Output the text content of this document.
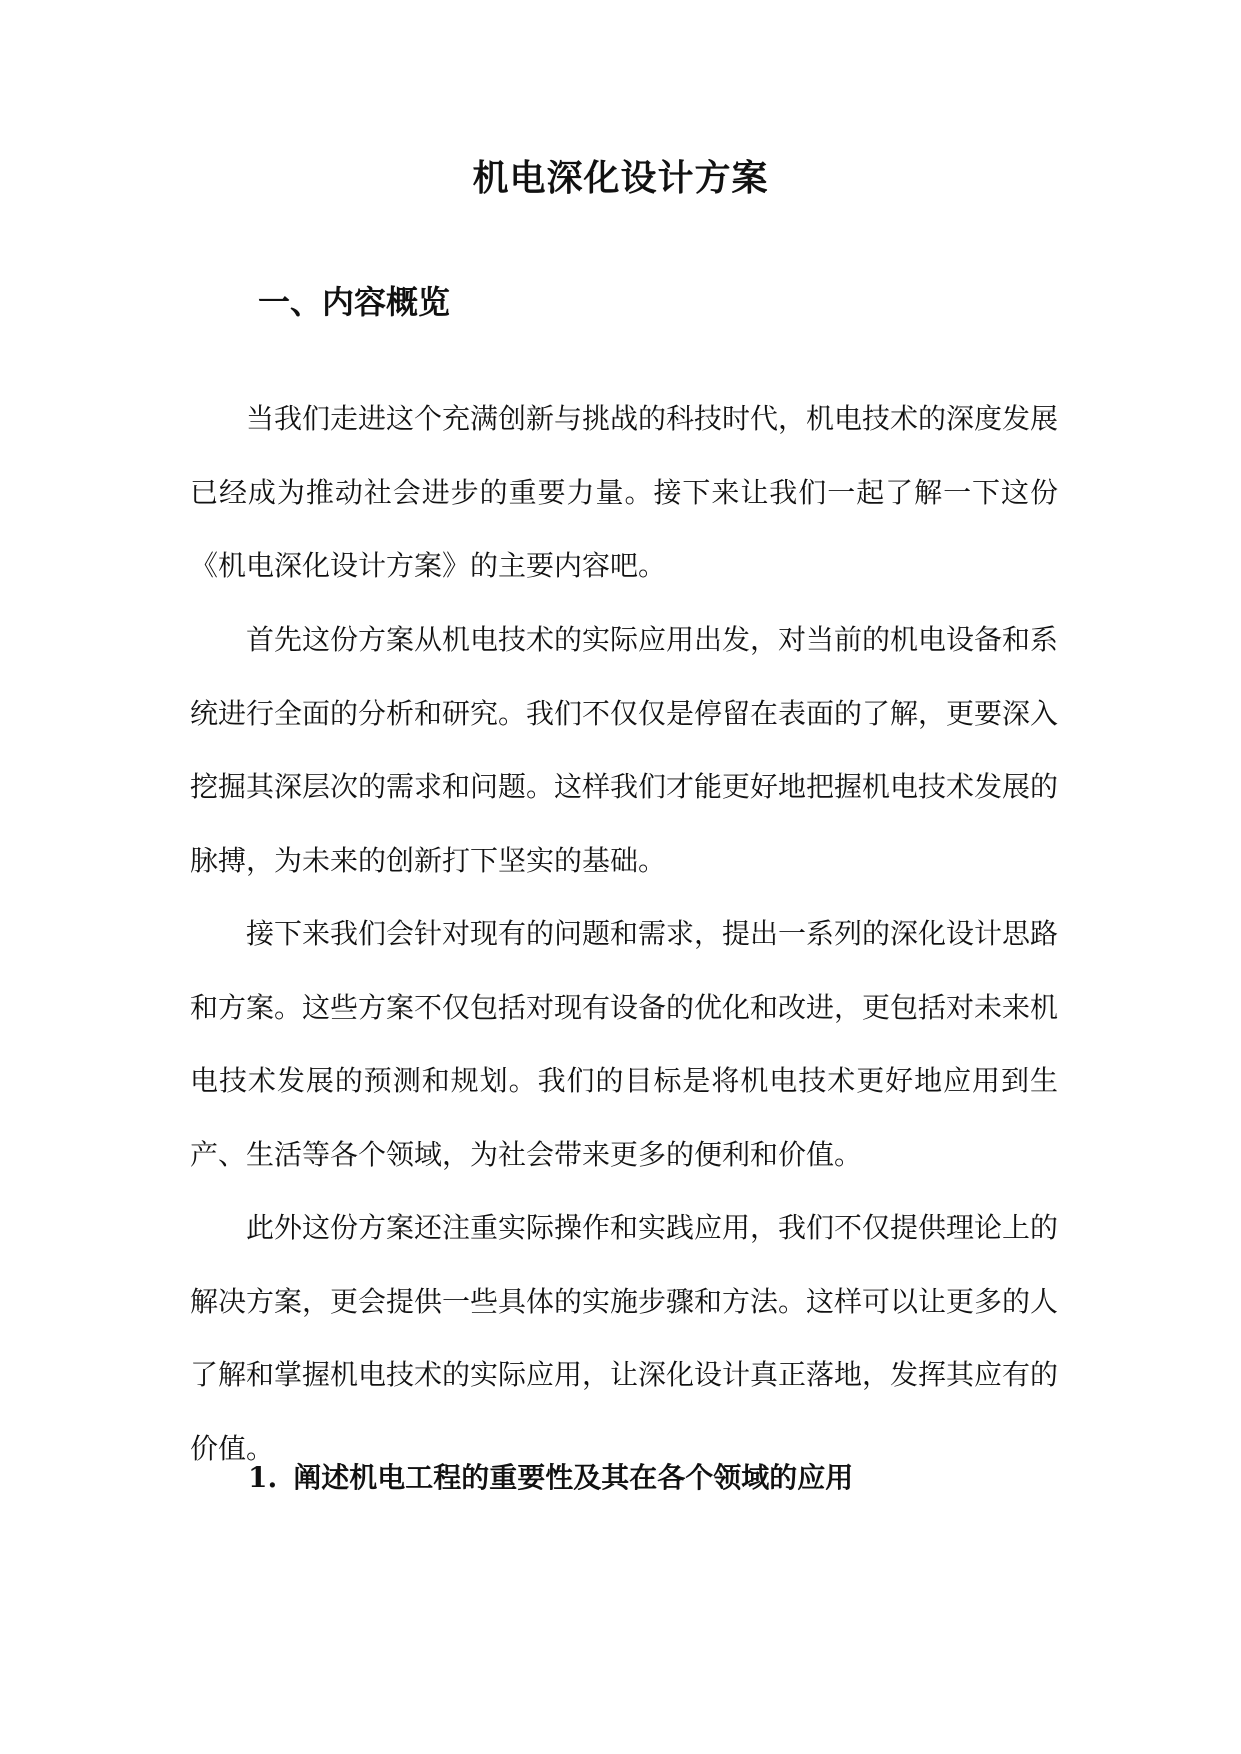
机电深化设计方案
一、内容概览

当我们走进这个充满创新与挑战的科技时代，机电技术的深度发展已经成为推动社会进步的重要力量。接下来让我们一起了解一下这份《机电深化设计方案》的主要内容吧。

首先这份方案从机电技术的实际应用出发，对当前的机电设备和系统进行全面的分析和研究。我们不仅仅是停留在表面的了解，更要深入挖掘其深层次的需求和问题。这样我们才能更好地把握机电技术发展的脉搏，为未来的创新打下坚实的基础。

接下来我们会针对现有的问题和需求，提出一系列的深化设计思路和方案。这些方案不仅包括对现有设备的优化和改进，更包括对未来机电技术发展的预测和规划。我们的目标是将机电技术更好地应用到生产、生活等各个领域，为社会带来更多的便利和价值。

此外这份方案还注重实际操作和实践应用，我们不仅提供理论上的解决方案，更会提供一些具体的实施步骤和方法。这样可以让更多的人了解和掌握机电技术的实际应用，让深化设计真正落地，发挥其应有的价值。

1. 阐述机电工程的重要性及其在各个领域的应用
